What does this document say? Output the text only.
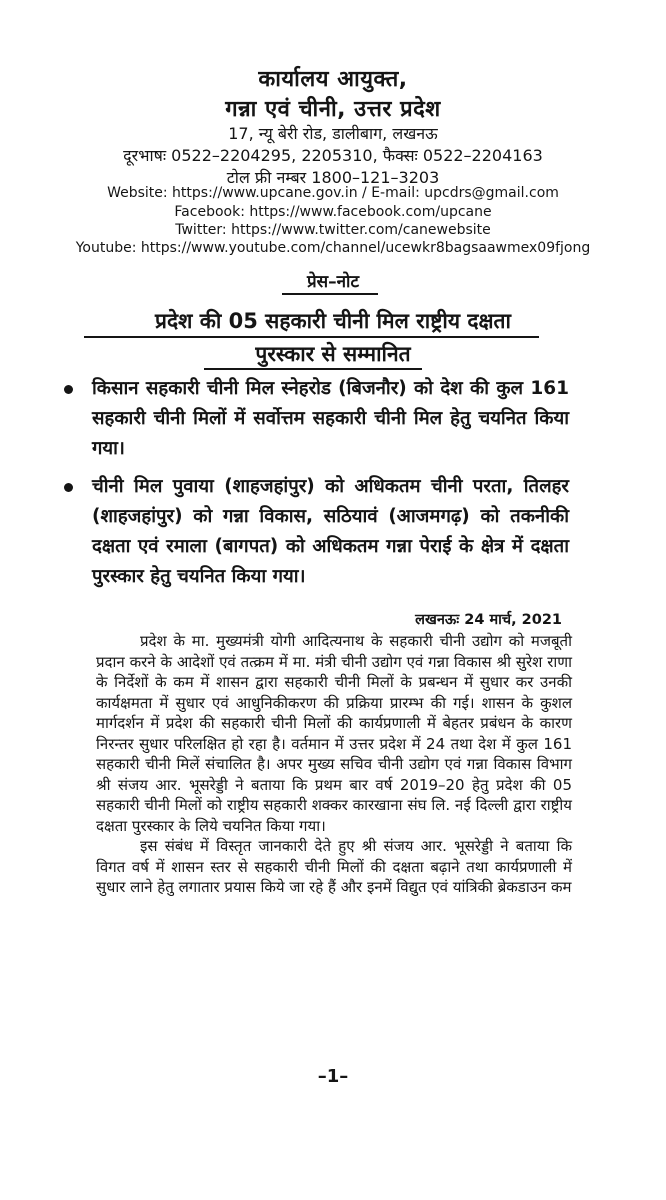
कार्यालय आयुक्त,
गन्ना एवं चीनी, उत्तर प्रदेश
17, न्यू बेरी रोड, डालीबाग, लखनऊ
दूरभाषः 0522–2204295, 2205310, फैक्सः 0522–2204163
टोल फ्री नम्बर 1800–121–3203
Website: https://www.upcane.gov.in / E-mail: upcdrs@gmail.com
Facebook: https://www.facebook.com/upcane
Twitter: https://www.twitter.com/canewebsite
Youtube: https://www.youtube.com/channel/ucewkr8bagsaawmex09fjong
प्रेस–नोट
प्रदेश की 05 सहकारी चीनी मिल राष्ट्रीय दक्षता
पुरस्कार से सम्मानित
किसान सहकारी चीनी मिल स्नेहरोड (बिजनौर) को देश की कुल 161 सहकारी चीनी मिलों में सर्वोत्तम सहकारी चीनी मिल हेतु चयनित किया गया।
चीनी मिल पुवाया (शाहजहांपुर) को अधिकतम चीनी परता, तिलहर (शाहजहांपुर) को गन्ना विकास, सठियावं (आजमगढ़) को तकनीकी दक्षता एवं रमाला (बागपत) को अधिकतम गन्ना पेराई के क्षेत्र में दक्षता पुरस्कार हेतु चयनित किया गया।
लखनऊः 24 मार्च, 2021

प्रदेश के मा. मुख्यमंत्री योगी आदित्यनाथ के सहकारी चीनी उद्योग को मजबूती प्रदान करने के आदेशों एवं तत्क्रम में मा. मंत्री चीनी उद्योग एवं गन्ना विकास श्री सुरेश राणा के निर्देशों के कम में शासन द्वारा सहकारी चीनी मिलों के प्रबन्धन में सुधार कर उनकी कार्यक्षमता में सुधार एवं आधुनिकीकरण की प्रक्रिया प्रारम्भ की गई। शासन के कुशल मार्गदर्शन में प्रदेश की सहकारी चीनी मिलों की कार्यप्रणाली में बेहतर प्रबंधन के कारण निरन्तर सुधार परिलक्षित हो रहा है। वर्तमान में उत्तर प्रदेश में 24 तथा देश में कुल 161 सहकारी चीनी मिलें संचालित है। अपर मुख्य सचिव चीनी उद्योग एवं गन्ना विकास विभाग श्री संजय आर. भूसरेड्डी ने बताया कि प्रथम बार वर्ष 2019–20 हेतु प्रदेश की 05 सहकारी चीनी मिलों को राष्ट्रीय सहकारी शक्कर कारखाना संघ लि. नई दिल्ली द्वारा राष्ट्रीय दक्षता पुरस्कार के लिये चयनित किया गया।

इस संबंध में विस्तृत जानकारी देते हुए श्री संजय आर. भूसरेड्डी ने बताया कि विगत वर्ष में शासन स्तर से सहकारी चीनी मिलों की दक्षता बढ़ाने तथा कार्यप्रणाली में सुधार लाने हेतु लगातार प्रयास किये जा रहे हैं और इनमें विद्युत एवं यांत्रिकी ब्रेकडाउन कम

–1–
